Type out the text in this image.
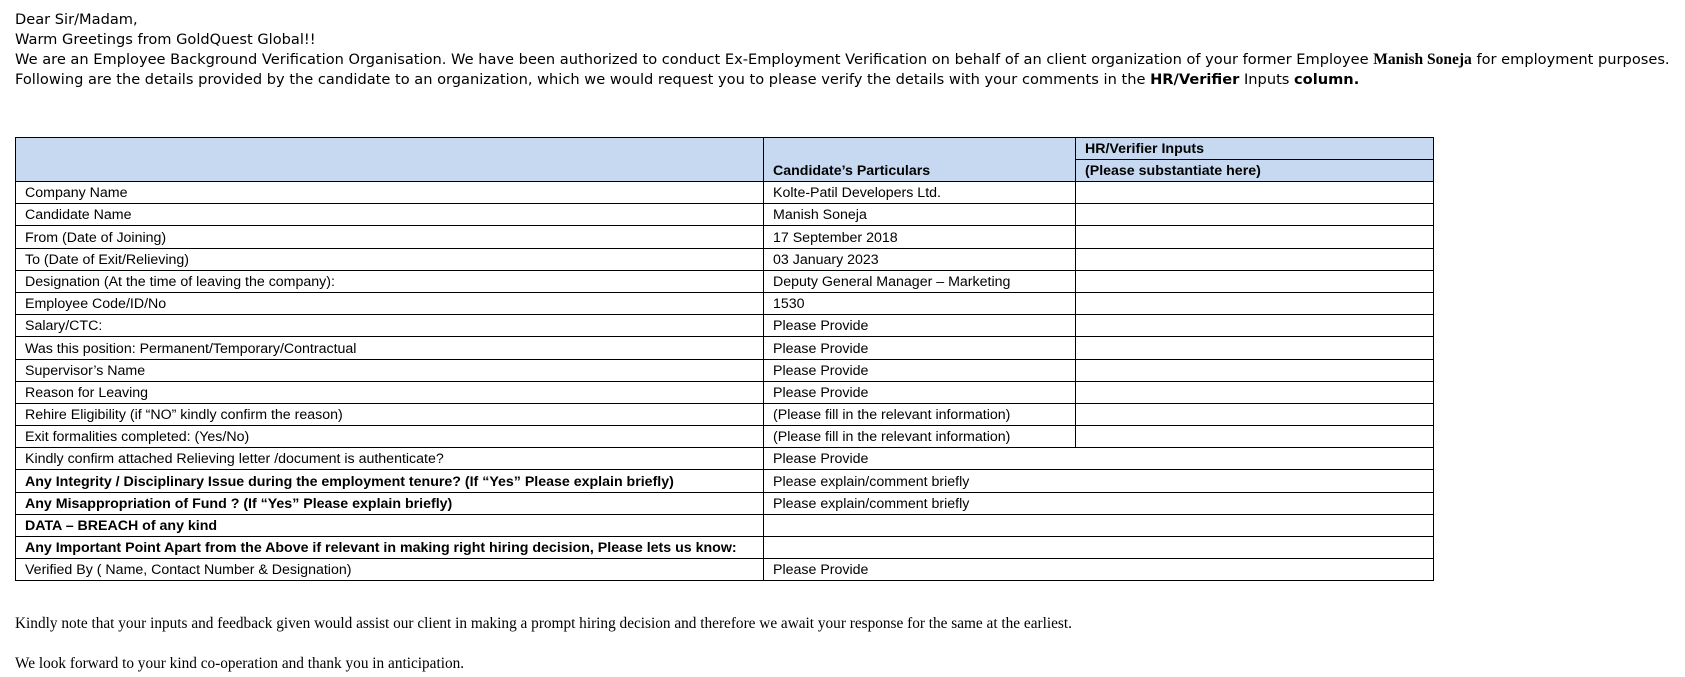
Dear Sir/Madam,
Warm Greetings from GoldQuest Global!!
We are an Employee Background Verification Organisation. We have been authorized to conduct Ex-Employment Verification on behalf of an client organization of your former Employee Manish Soneja for employment purposes.
Following are the details provided by the candidate to an organization, which we would request you to please verify the details with your comments in the HR/Verifier Inputs column.
		HR/Verifier Inputs
	Candidate’s Particulars	(Please substantiate here)
Company Name	Kolte-Patil Developers Ltd.	
Candidate Name	Manish Soneja	
From (Date of Joining)	17 September 2018	
To (Date of Exit/Relieving)	03 January 2023	
Designation (At the time of leaving the company):	Deputy General Manager – Marketing	
Employee Code/ID/No	1530	
Salary/CTC:	Please Provide	
Was this position: Permanent/Temporary/Contractual	Please Provide	
Supervisor’s Name	Please Provide	
Reason for Leaving	Please Provide	
Rehire Eligibility (if “NO” kindly confirm the reason)	(Please fill in the relevant information)	
Exit formalities completed: (Yes/No)	(Please fill in the relevant information)	
Kindly confirm attached Relieving letter /document is authenticate?	Please Provide	
Any Integrity / Disciplinary Issue during the employment tenure? (If “Yes” Please explain briefly)	Please explain/comment briefly	
Any Misappropriation of Fund ? (If “Yes” Please explain briefly)	Please explain/comment briefly	
DATA – BREACH of any kind		
Any Important Point Apart from the Above if relevant in making right hiring decision, Please lets us know:		
Verified By ( Name, Contact Number & Designation)	Please Provide	
Kindly note that your inputs and feedback given would assist our client in making a prompt hiring decision and therefore we await your response for the same at the earliest.
We look forward to your kind co-operation and thank you in anticipation.
